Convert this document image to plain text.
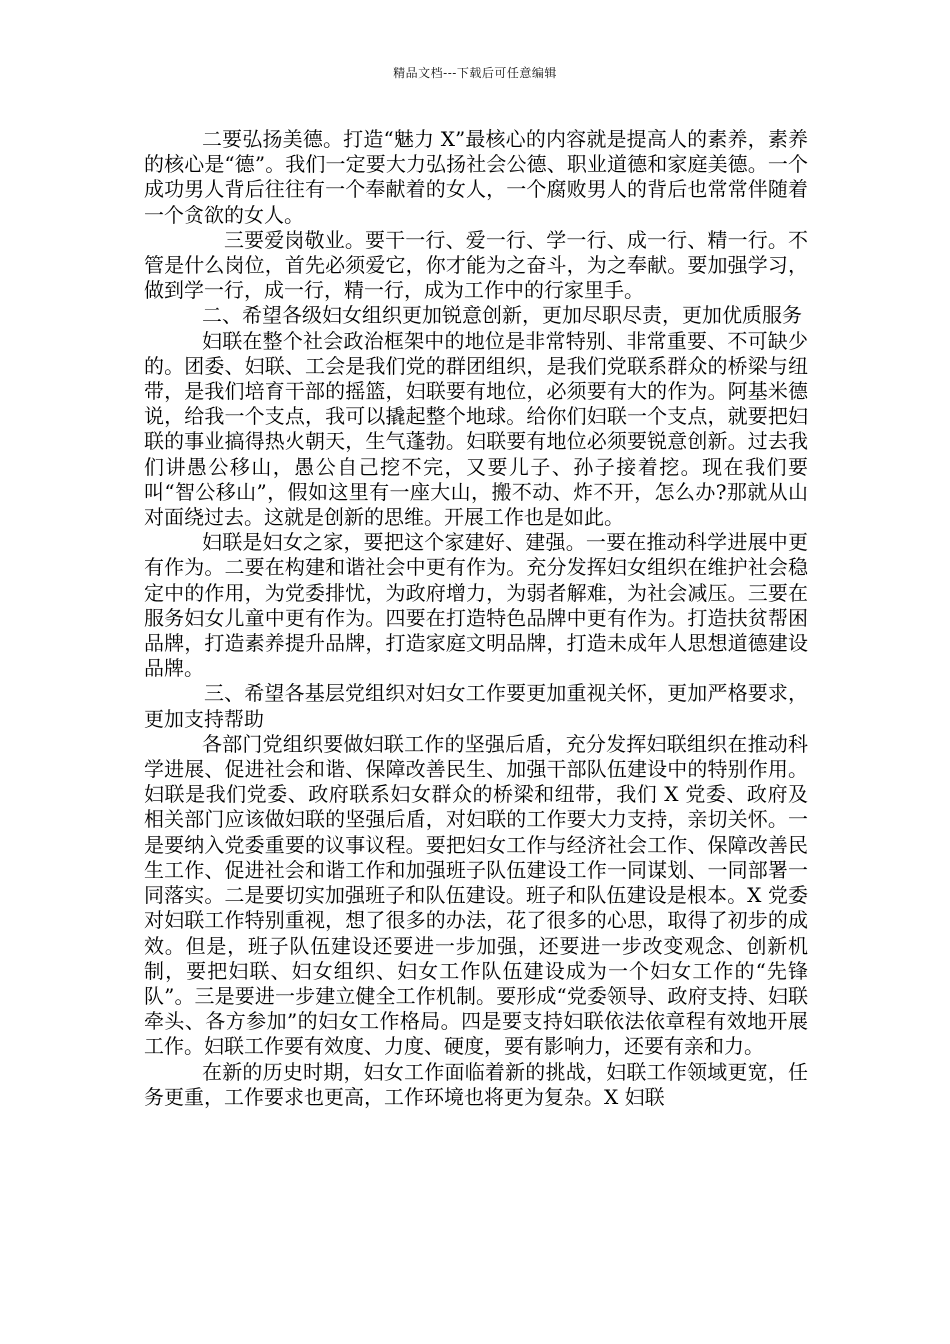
精品文档---下载后可任意编辑

二要弘扬美德。打造“魅力 X”最核心的内容就是提高人的素养，素养的核心是“德”。我们一定要大力弘扬社会公德、职业道德和家庭美德。一个成功男人背后往往有一个奉献着的女人，一个腐败男人的背后也常常伴随着一个贪欲的女人。

三要爱岗敬业。要干一行、爱一行、学一行、成一行、精一行。不管是什么岗位，首先必须爱它，你才能为之奋斗，为之奉献。要加强学习，做到学一行，成一行，精一行，成为工作中的行家里手。

二、希望各级妇女组织更加锐意创新，更加尽职尽责，更加优质服务

妇联在整个社会政治框架中的地位是非常特别、非常重要、不可缺少的。团委、妇联、工会是我们党的群团组织，是我们党联系群众的桥梁与纽带，是我们培育干部的摇篮，妇联要有地位，必须要有大的作为。阿基米德说，给我一个支点，我可以撬起整个地球。给你们妇联一个支点，就要把妇联的事业搞得热火朝天，生气蓬勃。妇联要有地位必须要锐意创新。过去我们讲愚公移山，愚公自己挖不完，又要儿子、孙子接着挖。现在我们要叫“智公移山”，假如这里有一座大山，搬不动、炸不开，怎么办?那就从山对面绕过去。这就是创新的思维。开展工作也是如此。

妇联是妇女之家，要把这个家建好、建强。一要在推动科学进展中更有作为。二要在构建和谐社会中更有作为。充分发挥妇女组织在维护社会稳定中的作用，为党委排忧，为政府增力，为弱者解难，为社会减压。三要在服务妇女儿童中更有作为。四要在打造特色品牌中更有作为。打造扶贫帮困品牌，打造素养提升品牌，打造家庭文明品牌，打造未成年人思想道德建设品牌。

三、希望各基层党组织对妇女工作要更加重视关怀，更加严格要求，更加支持帮助

各部门党组织要做妇联工作的坚强后盾，充分发挥妇联组织在推动科学进展、促进社会和谐、保障改善民生、加强干部队伍建设中的特别作用。妇联是我们党委、政府联系妇女群众的桥梁和纽带，我们 X 党委、政府及相关部门应该做妇联的坚强后盾，对妇联的工作要大力支持，亲切关怀。一是要纳入党委重要的议事议程。要把妇女工作与经济社会工作、保障改善民生工作、促进社会和谐工作和加强班子队伍建设工作一同谋划、一同部署一同落实。二是要切实加强班子和队伍建设。班子和队伍建设是根本。X 党委对妇联工作特别重视，想了很多的办法，花了很多的心思，取得了初步的成效。但是，班子队伍建设还要进一步加强，还要进一步改变观念、创新机制，要把妇联、妇女组织、妇女工作队伍建设成为一个妇女工作的“先锋队”。三是要进一步建立健全工作机制。要形成“党委领导、政府支持、妇联牵头、各方参加”的妇女工作格局。四是要支持妇联依法依章程有效地开展工作。妇联工作要有效度、力度、硬度，要有影响力，还要有亲和力。

在新的历史时期，妇女工作面临着新的挑战，妇联工作领域更宽，任务更重，工作要求也更高，工作环境也将更为复杂。X 妇联
